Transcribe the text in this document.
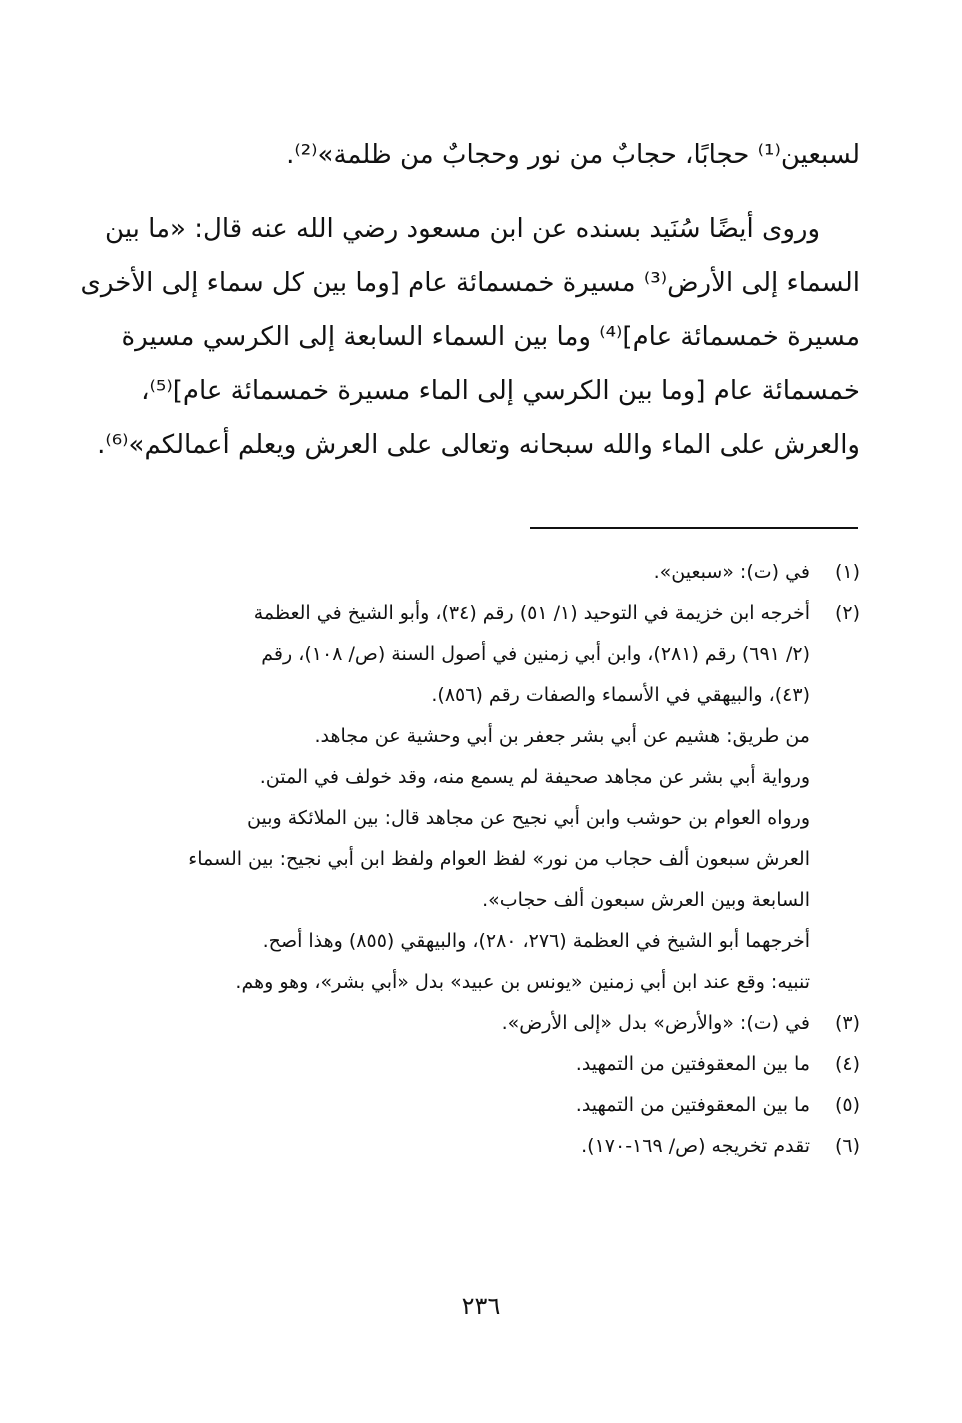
لسبعين⁽¹⁾ حجابًا، حجابٌ من نور وحجابٌ من ظلمة»⁽²⁾.
وروى أيضًا سُنَيد بسنده عن ابن مسعود رضي الله عنه قال: «ما بين
السماء إلى الأرض⁽³⁾ مسيرة خمسمائة عام [وما بين كل سماء إلى الأخرى
مسيرة خمسمائة عام]⁽⁴⁾ وما بين السماء السابعة إلى الكرسي مسيرة
خمسمائة عام [وما بين الكرسي إلى الماء مسيرة خمسمائة عام]⁽⁵⁾،
والعرش على الماء والله سبحانه وتعالى على العرش ويعلم أعمالكم»⁽⁶⁾.
(١)
في (ت): «سبعين».
(٢)
أخرجه ابن خزيمة في التوحيد (١/ ٥١) رقم (٣٤)، وأبو الشيخ في العظمة
(٢/ ٦٩١) رقم (٢٨١)، وابن أبي زمنين في أصول السنة (ص/ ١٠٨)، رقم
(٤٣)، والبيهقي في الأسماء والصفات رقم (٨٥٦).
من طريق: هشيم عن أبي بشر جعفر بن أبي وحشية عن مجاهد.
ورواية أبي بشر عن مجاهد صحيفة لم يسمع منه، وقد خولف في المتن.
ورواه العوام بن حوشب وابن أبي نجيح عن مجاهد قال: بين الملائكة وبين
العرش سبعون ألف حجاب من نور» لفظ العوام ولفظ ابن أبي نجيح: بين السماء
السابعة وبين العرش سبعون ألف حجاب».
أخرجهما أبو الشيخ في العظمة (٢٧٦، ٢٨٠)، والبيهقي (٨٥٥) وهذا أصح.
تنبيه: وقع عند ابن أبي زمنين «يونس بن عبيد» بدل «أبي بشر»، وهو وهم.
(٣)
في (ت): «والأرض» بدل «إلى الأرض».
(٤)
ما بين المعقوفتين من التمهيد.
(٥)
ما بين المعقوفتين من التمهيد.
(٦)
تقدم تخريجه (ص/ ١٦٩-١٧٠).
٢٣٦
